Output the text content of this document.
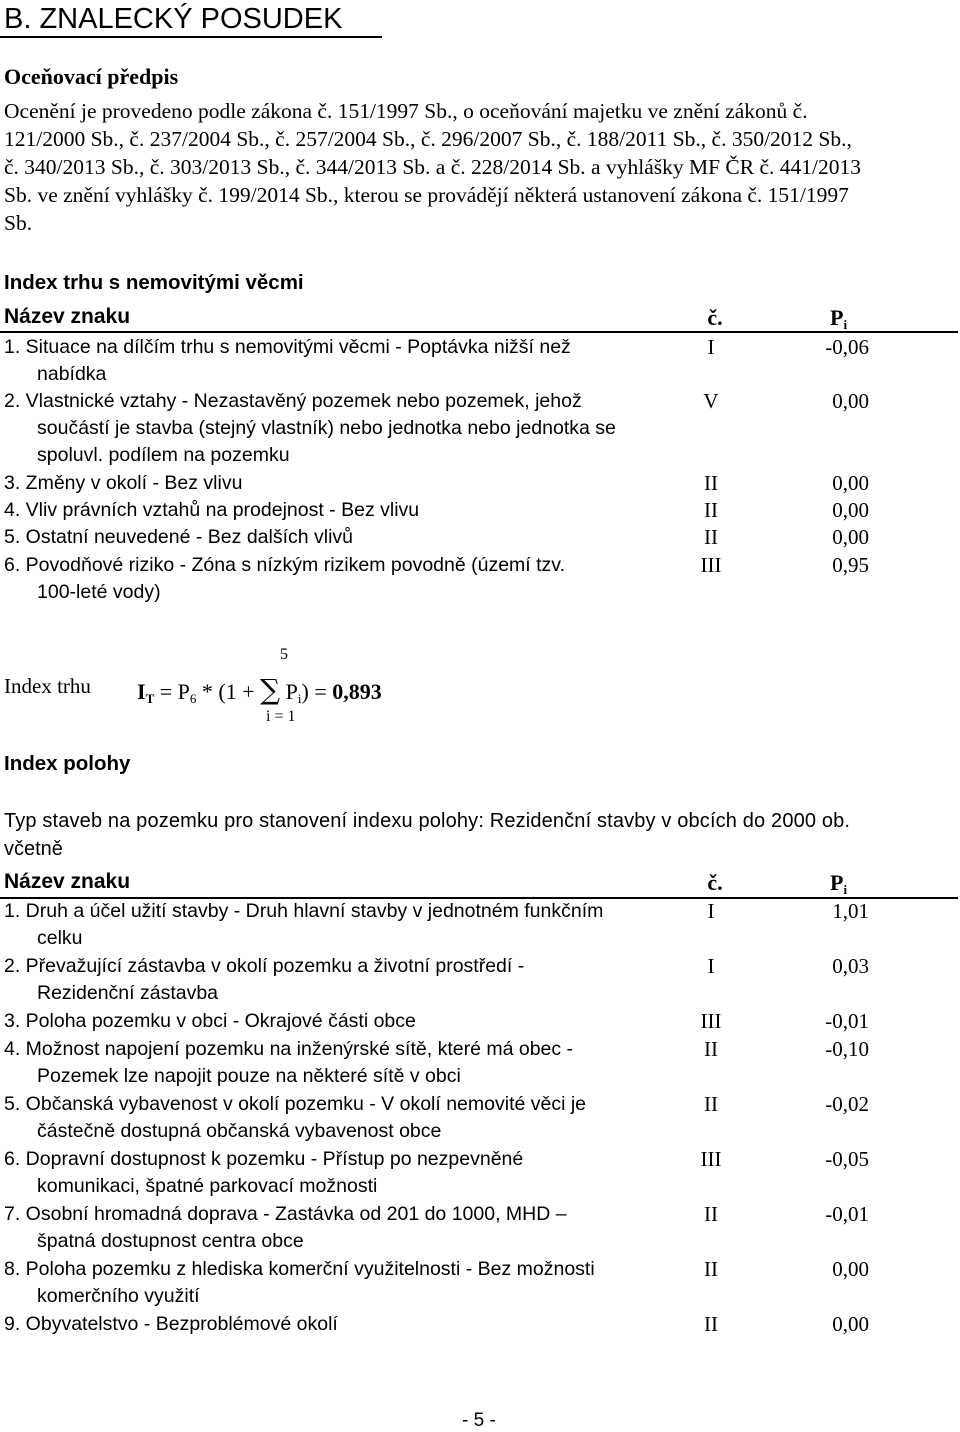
B. ZNALECKÝ POSUDEK
Oceňovací předpis
Ocenění je provedeno podle zákona č. 151/1997 Sb., o oceňování majetku ve znění zákonů č.
121/2000 Sb., č. 237/2004 Sb., č. 257/2004 Sb., č. 296/2007 Sb., č. 188/2011 Sb., č. 350/2012 Sb.,
č. 340/2013 Sb., č. 303/2013 Sb., č. 344/2013 Sb. a č. 228/2014 Sb. a vyhlášky MF ČR č. 441/2013
Sb. ve znění vyhlášky č. 199/2014 Sb., kterou se provádějí některá ustanovení zákona č. 151/1997
Sb.
Index trhu s nemovitými věcmi
Název znaku	č.	$P_i$
1. Situace na dílčím trhu s nemovitými věcmi - Poptávka nižší než
nabídka
I	-0,06
2. Vlastnické vztahy - Nezastavěný pozemek nebo pozemek, jehož
součástí je stavba (stejný vlastník) nebo jednotka nebo jednotka se
spoluvl. podílem na pozemku
V	0,00
3. Změny v okolí - Bez vlivu	II	0,00
4. Vliv právních vztahů na prodejnost - Bez vlivu	II	0,00
5. Ostatní neuvedené - Bez dalších vlivů	II	0,00
6. Povodňové riziko - Zóna s nízkým rizikem povodně (území tzv.
100-leté vody)
III	0,95
Index trhu
5
i = 1
$I_T = P_6 * (1$ + ∑ $P_i) = 0,893$
Index polohy
Typ staveb na pozemku pro stanovení indexu polohy: Rezidenční stavby v obcích do 2000 ob.
včetně
Název znaku	č.	$P_i$
1. Druh a účel užití stavby - Druh hlavní stavby v jednotném funkčním
celku
I	1,01
2. Převažující zástavba v okolí pozemku a životní prostředí -
Rezidenční zástavba
I	0,03
3. Poloha pozemku v obci - Okrajové části obce	III	-0,01
4. Možnost napojení pozemku na inženýrské sítě, které má obec -
Pozemek lze napojit pouze na některé sítě v obci
II	-0,10
5. Občanská vybavenost v okolí pozemku - V okolí nemovité věci je
částečně dostupná občanská vybavenost obce
II	-0,02
6. Dopravní dostupnost k pozemku - Přístup po nezpevněné
komunikaci, špatné parkovací možnosti
III	-0,05
7. Osobní hromadná doprava - Zastávka od 201 do 1000, MHD –
špatná dostupnost centra obce
II	-0,01
8. Poloha pozemku z hlediska komerční využitelnosti - Bez možnosti
komerčního využití
II	0,00
9. Obyvatelstvo - Bezproblémové okolí	II	0,00
- 5 -
